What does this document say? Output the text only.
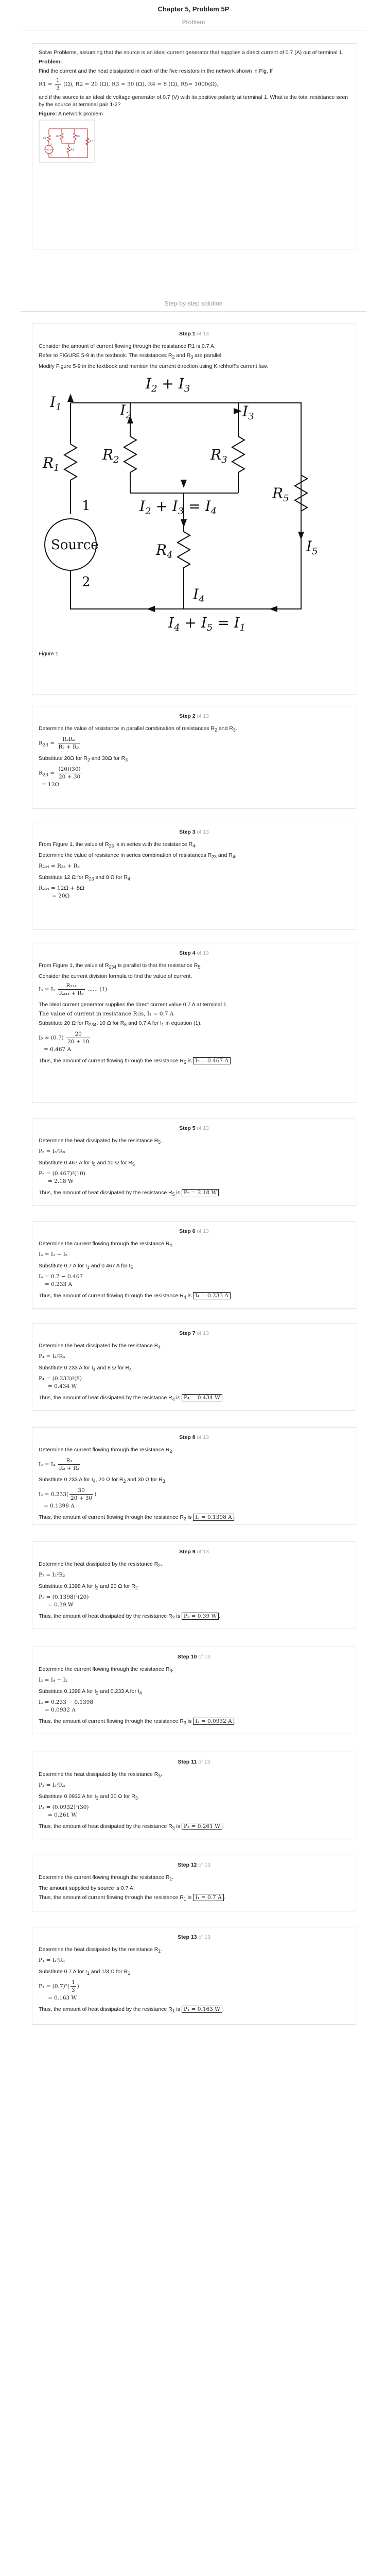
Chapter 5, Problem 5P
Problem

Solve Problems, assuming that the source is an ideal current generator that supplies a direct current of 0.7 (A) out of terminal 1.

Problem:

Find the current and the heat dissipated in each of the five resistors in the network shown in Fig. If

$R1 = \frac{1}{3} (\Omega)$, R2 = 20 (Ω), R3 = 30 (Ω), R4 = 8 (Ω), R5= 1000(Ω),

and if the source is an ideal dc voltage generator of 0.7 (V) with its positive polarity at terminal 1. What is the total resistance seen by the source at terminal pair 1-2?

Figure: A network problem

R1
R2	R3
R4
R5
Source
1
2
Step-by-step solution
Step 1 of 13

Consider the amount of current flowing through the resistance R1 is 0.7 A.

Refer to FIGURE 5-9 in the textbook. The resistances $R_2$ and $R_3$ are parallel.

Modify Figure 5-9 in the textbook and mention the current direction using Kirchhoff’s current law.

$I_1$	$I_2$
$I_2 + I_3$
$I_3$
$I_2 + I_3 = I_4$
$I_4$
$I_5$
$I_4 + I_5 = I_1$
$R_1$
$R_2$	$R_3$
$R_4$
$R_5$
Source
1
2

Figure 1

Step 2 of 13

Determine the value of resistance in parallel combination of resistances $R_2$ and $R_3$.

$R_{23} = \frac{\text{R₂R₃}}{\text{R₂ + R₃}}$

Substitute 20Ω for $R_2$ and 30Ω for $R_3$

$R_{23} = \frac{(20)(30)}{20 + 30}$
= 12Ω
Step 3 of 13

From Figure 1, the value of $R_{23}$ is in series with the resistance $R_4$.

Determine the value of resistance in series combination of resistances $R_{23}$ and $R_4$.

R₂₃₄ = R₂₃ + R₄

Substitute 12 Ω for $R_{23}$ and 8 Ω for $R_4$

R₂₃₄ = 12Ω + 8Ω
= 20Ω
Step 4 of 13

From Figure 1, the value of $R_{234}$ is parallel to that the resistance $R_5$.

Consider the current division formula to find the value of current.

$I_5 = I_1 \frac{\text{R₂₃₄}}{\text{R₂₃₄ + R₅}}$ ...... (1)

The ideal current generator supplies the direct current value 0.7 A at terminal 1.

The value of current in resistance R₁is, I₁ = 0.7 A

Substitute 20 Ω for $R_{234}$, 10 Ω for $R_5$ and 0.7 A for $I_1$ in equation (1).

$I_5 = (0.7) \frac{20}{20 + 10}$
= 0.467 A

Thus, the amount of current flowing through the resistance $R_5$ is I₅ = 0.467 A .

Step 5 of 13

Determine the heat dissipated by the resistance $R_5$.

P₅ = I₅²R₅

Substitute 0.467 A for $I_5$ and 10 Ω for $R_5$

P₅ = (0.467)²(10)
= 2.18 W

Thus, the amount of heat dissipated by the resistance $R_5$ is P₅ = 2.18 W .

Step 6 of 13

Determine the current flowing through the resistance $R_4$.

I₄ = I₁ − I₅

Substitute 0.7 A for $I_1$ and 0.467 A for $I_5$

I₄ = 0.7 − 0.467
= 0.233 A

Thus, the amount of current flowing through the resistance $R_4$ is I₄ = 0.233 A .

Step 7 of 13

Determine the heat dissipated by the resistance $R_4$.

P₄ = I₄²R₄

Substitute 0.233 A for $I_4$ and 8 Ω for $R_4$

P₄ = (0.233)²(8)
= 0.434 W

Thus, the amount of heat dissipated by the resistance $R_4$ is P₄ = 0.434 W .

Step 8 of 13

Determine the current flowing through the resistance $R_2$.

$I_2 = I_4 \frac{\text{R₃}}{\text{R₂ + R₃}}$

Substitute 0.233 A for $I_4$, 20 Ω for $R_2$ and 30 Ω for $R_3$

$I_2 = 0.233( \frac{30}{20 + 30}$ )
= 0.1398 A

Thus, the amount of current flowing through the resistance $R_2$ is I₂ = 0.1398 A .

Step 9 of 13

Determine the heat dissipated by the resistance $R_2$.

P₂ = I₂²R₂

Substitute 0.1398 A for $I_2$ and 20 Ω for $R_2$

P₂ = (0.1398)²(20)
= 0.39 W

Thus, the amount of heat dissipated by the resistance $R_2$ is P₂ = 0.39 W .

Step 10 of 13

Determine the current flowing through the resistance $R_3$.

I₃ = I₄ − I₂

Substitute 0.1398 A for $I_2$ and 0.233 A for $I_4$

I₃ = 0.233 − 0.1398
= 0.0932 A

Thus, the amount of current flowing through the resistance $R_3$ is I₃ = 0.0932 A .

Step 11 of 13

Determine the heat dissipated by the resistance $R_3$.

P₃ = I₃²R₃

Substitute 0.0932 A for $I_3$ and 30 Ω for $R_3$

P₃ = (0.0932)²(30)
= 0.261 W

Thus, the amount of heat dissipated by the resistance $R_3$ is P₃ = 0.261 W .

Step 12 of 13

Determine the current flowing through the resistance $R_1$.

The amount supplied by source is 0.7 A.

Thus, the amount of current flowing through the resistance $R_1$ is I₁ = 0.7 A .

Step 13 of 13

Determine the heat dissipated by the resistance $R_1$.

P₁ = I₁²R₁

Substitute 0.7 A for $I_1$ and 1/3 Ω for $R_1$

$P_1 = (0.7)^2( \frac{1}{3}$ )
= 0.163 W

Thus, the amount of heat dissipated by the resistance $R_1$ is P₁ = 0.163 W .
